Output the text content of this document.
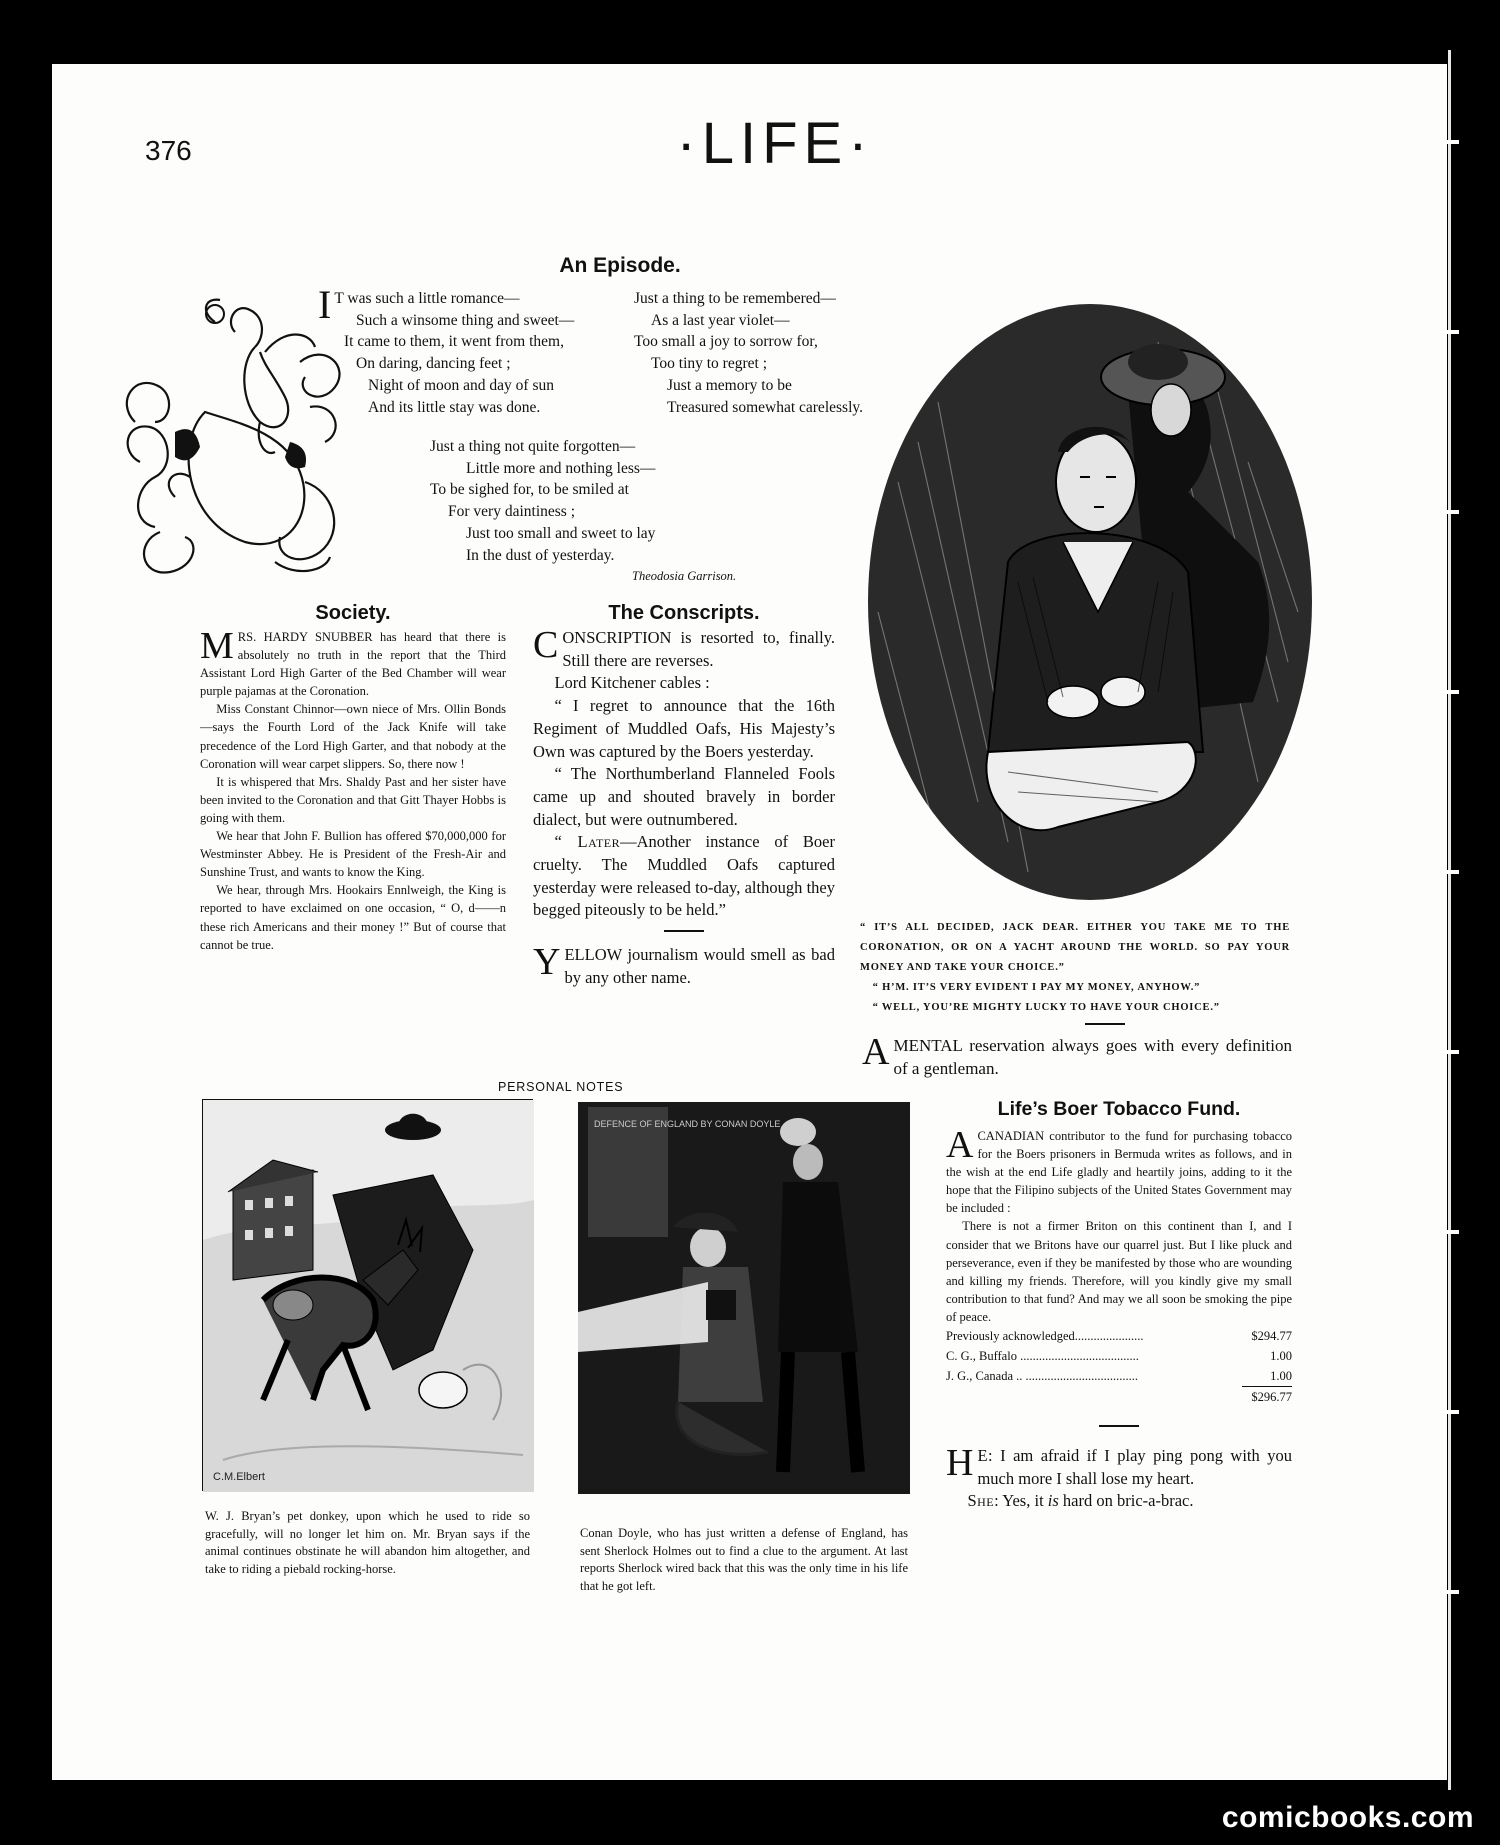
376	·LIFE·
An Episode.
I T was such a little romance—
Such a winsome thing and sweet—
It came to them, it went from them,
On daring, dancing feet ;
Night of moon and day of sun
And its little stay was done.
Just a thing to be remembered—
As a last year violet—
Too small a joy to sorrow for,
Too tiny to regret ;
Just a memory to be
Treasured somewhat carelessly.
Just a thing not quite forgotten—
Little more and nothing less—
To be sighed for, to be smiled at
For very daintiness ;
Just too small and sweet to lay
In the dust of yesterday.
Theodosia Garrison.
Society.

MRS. HARDY SNUBBER has heard that there is absolutely no truth in the report that the Third Assistant Lord High Garter of the Bed Chamber will wear purple pajamas at the Coronation.

Miss Constant Chinnor—own niece of Mrs. Ollin Bonds—says the Fourth Lord of the Jack Knife will take precedence of the Lord High Garter, and that nobody at the Coronation will wear carpet slippers. So, there now !

It is whispered that Mrs. Shaldy Past and her sister have been invited to the Coronation and that Gitt Thayer Hobbs is going with them.

We hear that John F. Bullion has offered $70,000,000 for Westminster Abbey. He is President of the Fresh-Air and Sunshine Trust, and wants to know the King.

We hear, through Mrs. Hookairs Ennlweigh, the King is reported to have exclaimed on one occasion, “ O, d——n these rich Americans and their money !” But of course that cannot be true.

The Conscripts.

CONSCRIPTION is resorted to, finally. Still there are reverses.

Lord Kitchener cables :

“ I regret to announce that the 16th Regiment of Muddled Oafs, His Majesty’s Own was captured by the Boers yesterday.

“ The Northumberland Flanneled Fools came up and shouted bravely in border dialect, but were outnumbered.

“ Later—Another instance of Boer cruelty. The Muddled Oafs captured yesterday were released to-day, although they begged piteously to be held.”

YELLOW journalism would smell as bad by any other name.

“ IT’S ALL DECIDED, JACK DEAR. EITHER YOU TAKE ME TO THE CORONATION, OR ON A YACHT AROUND THE WORLD. SO PAY YOUR MONEY AND TAKE YOUR CHOICE.”

“ H’M. IT’S VERY EVIDENT I PAY MY MONEY, ANYHOW.”

“ WELL, YOU’RE MIGHTY LUCKY TO HAVE YOUR CHOICE.”

AMENTAL reservation always goes with every definition of a gentleman.
PERSONAL NOTES
C.M.Elbert
W. J. Bryan’s pet donkey, upon which he used to ride so gracefully, will no longer let him on. Mr. Bryan says if the animal continues obstinate he will abandon him altogether, and take to riding a piebald rocking-horse.
DEFENCE OF ENGLAND BY CONAN DOYLE
Conan Doyle, who has just written a defense of England, has sent Sherlock Holmes out to find a clue to the argument. At last reports Sherlock wired back that this was the only time in his life that he got left.
Life’s Boer Tobacco Fund.

ACANADIAN contributor to the fund for purchasing tobacco for the Boers prisoners in Bermuda writes as follows, and in the wish at the end Life gladly and heartily joins, adding to it the hope that the Filipino subjects of the United States Government may be included :

There is not a firmer Briton on this continent than I, and I consider that we Britons have our quarrel just. But I like pluck and perseverance, even if they be manifested by those who are wounding and killing my friends. Therefore, will you kindly give my small contribution to that fund? And may we all soon be smoking the pipe of peace.

Previously acknowledged......................	$294.77
C. G., Buffalo ......................................	1.00
J. G., Canada .. ....................................	1.00
	$296.77

H E: I am afraid if I play ping pong with you much more I shall lose my heart.

She: Yes, it is hard on bric-a-brac.

comicbooks.com
